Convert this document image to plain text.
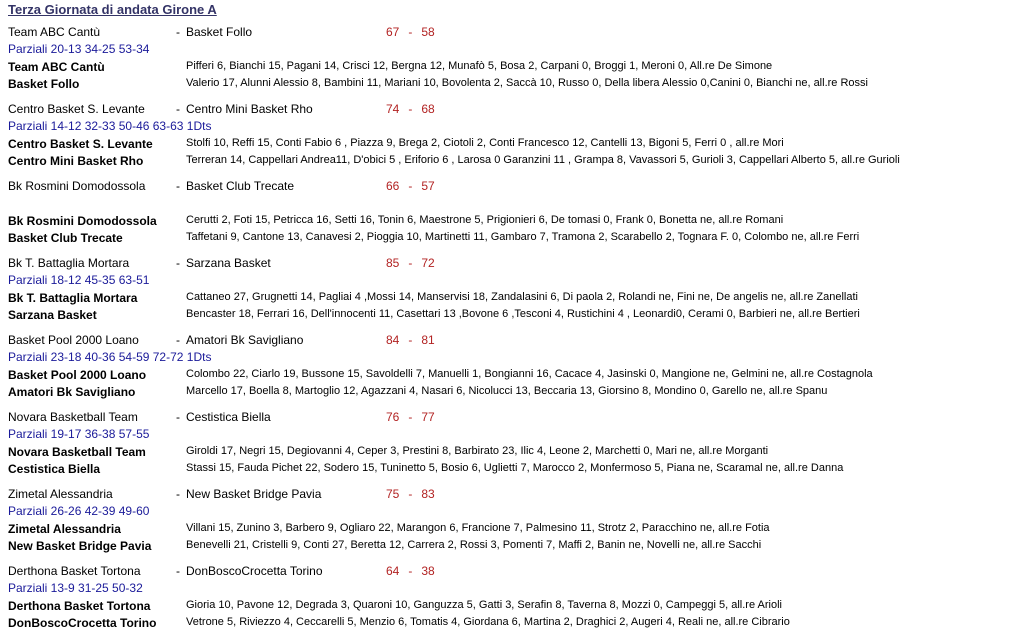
Terza Giornata di andata Girone A
Team ABC Cantù	- Basket Follo	67 - 58
Parziali 20-13 34-25 53-34
Team ABC Cantù	Pifferi 6, Bianchi 15, Pagani 14, Crisci 12, Bergna 12, Munafò 5, Bosa 2, Carpani 0, Broggi 1, Meroni 0, All.re De Simone
Basket Follo	Valerio 17, Alunni Alessio 8, Bambini 11, Mariani 10, Bovolenta 2, Saccà 10, Russo 0, Della libera Alessio 0,Canini 0, Bianchi ne, all.re Rossi
Centro Basket S. Levante	- Centro Mini Basket Rho	74 - 68
Parziali 14-12 32-33 50-46 63-63 1Dts
Centro Basket S. Levante	Stolfi 10, Reffi 15, Conti Fabio 6 , Piazza 9, Brega 2, Ciotoli 2, Conti Francesco 12, Cantelli 13, Bigoni 5, Ferri 0 , all.re Mori
Centro Mini Basket Rho	Terreran 14, Cappellari Andrea11, D'obici 5 , Eriforio 6 , Larosa 0 Garanzini 11 , Grampa 8, Vavassori 5, Gurioli 3, Cappellari Alberto 5, all.re Gurioli
Bk Rosmini Domodossola	- Basket Club Trecate	66 - 57
Bk Rosmini Domodossola	Cerutti 2, Foti 15, Petricca 16, Setti 16, Tonin 6, Maestrone 5, Prigionieri 6, De tomasi 0, Frank 0, Bonetta ne, all.re Romani
Basket Club Trecate	Taffetani 9, Cantone 13, Canavesi 2, Pioggia 10, Martinetti 11, Gambaro 7, Tramona 2, Scarabello 2, Tognara F. 0, Colombo ne, all.re Ferri
Bk T. Battaglia Mortara	- Sarzana Basket	85 - 72
Parziali 18-12 45-35 63-51
Bk T. Battaglia Mortara	Cattaneo 27, Grugnetti 14, Pagliai 4 ,Mossi 14, Manservisi 18, Zandalasini 6, Di paola 2, Rolandi ne, Fini ne, De angelis ne, all.re Zanellati
Sarzana Basket	Bencaster 18, Ferrari 16, Dell'innocenti 11, Casettari 13 ,Bovone 6 ,Tesconi 4, Rustichini 4 , Leonardi0, Cerami 0, Barbieri ne, all.re Bertieri
Basket Pool 2000 Loano	- Amatori Bk Savigliano	84 - 81
Parziali 23-18 40-36 54-59 72-72 1Dts
Basket Pool 2000 Loano	Colombo 22, Ciarlo 19, Bussone 15, Savoldelli 7, Manuelli 1, Bongianni 16, Cacace 4, Jasinski 0, Mangione ne, Gelmini ne, all.re Costagnola
Amatori Bk Savigliano	Marcello 17, Boella 8, Martoglio 12, Agazzani 4, Nasari 6, Nicolucci 13, Beccaria 13, Giorsino 8, Mondino 0, Garello ne, all.re Spanu
Novara Basketball Team	- Cestistica Biella	76 - 77
Parziali 19-17 36-38 57-55
Novara Basketball Team	Giroldi 17, Negri 15, Degiovanni 4, Ceper 3, Prestini 8, Barbirato 23, Ilic 4, Leone 2, Marchetti 0, Mari ne, all.re Morganti
Cestistica Biella	Stassi 15, Fauda Pichet 22, Sodero 15, Tuninetto 5, Bosio 6, Uglietti 7, Marocco 2, Monfermoso 5, Piana ne, Scaramal ne, all.re Danna
Zimetal Alessandria	- New Basket Bridge Pavia	75 - 83
Parziali 26-26 42-39 49-60
Zimetal Alessandria	Villani 15, Zunino 3, Barbero 9, Ogliaro 22, Marangon 6, Francione 7, Palmesino 11, Strotz 2, Paracchino ne, all.re Fotia
New Basket Bridge Pavia	Benevelli 21, Cristelli 9, Conti 27, Beretta 12, Carrera 2, Rossi 3, Pomenti 7, Maffi 2, Banin ne, Novelli ne, all.re Sacchi
Derthona Basket Tortona	- DonBoscoCrocetta Torino	64 - 38
Parziali 13-9 31-25 50-32
Derthona Basket Tortona	Gioria 10, Pavone 12, Degrada 3, Quaroni 10, Ganguzza 5, Gatti 3, Serafin 8, Taverna 8, Mozzi 0, Campeggi 5, all.re Arioli
DonBoscoCrocetta Torino	Vetrone 5, Riviezzo 4, Ceccarelli 5, Menzio 6, Tomatis 4, Giordana 6, Martina 2, Draghici 2, Augeri 4, Reali ne, all.re Cibrario
